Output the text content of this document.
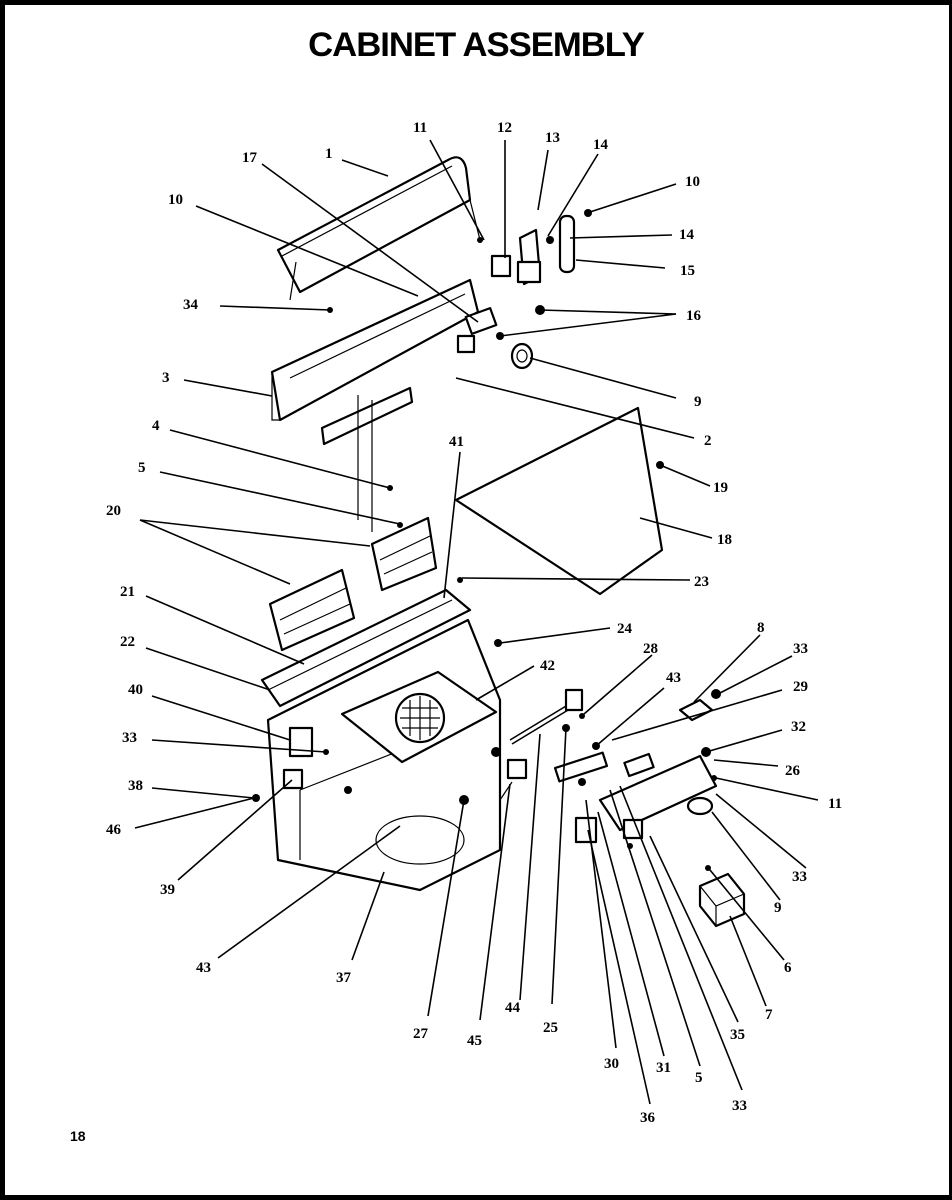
CABINET ASSEMBLY
1
11	12
13 14
17
10
10
14
15
34
16
3
9
4
2
41
5
19
20
18
23
21
24	8
22	28	33
42
43
29
40
32
33
26
38
11
46
33
39
9
43	6
37
44	7
25
27	35
45
30 31
5
33
36
18
